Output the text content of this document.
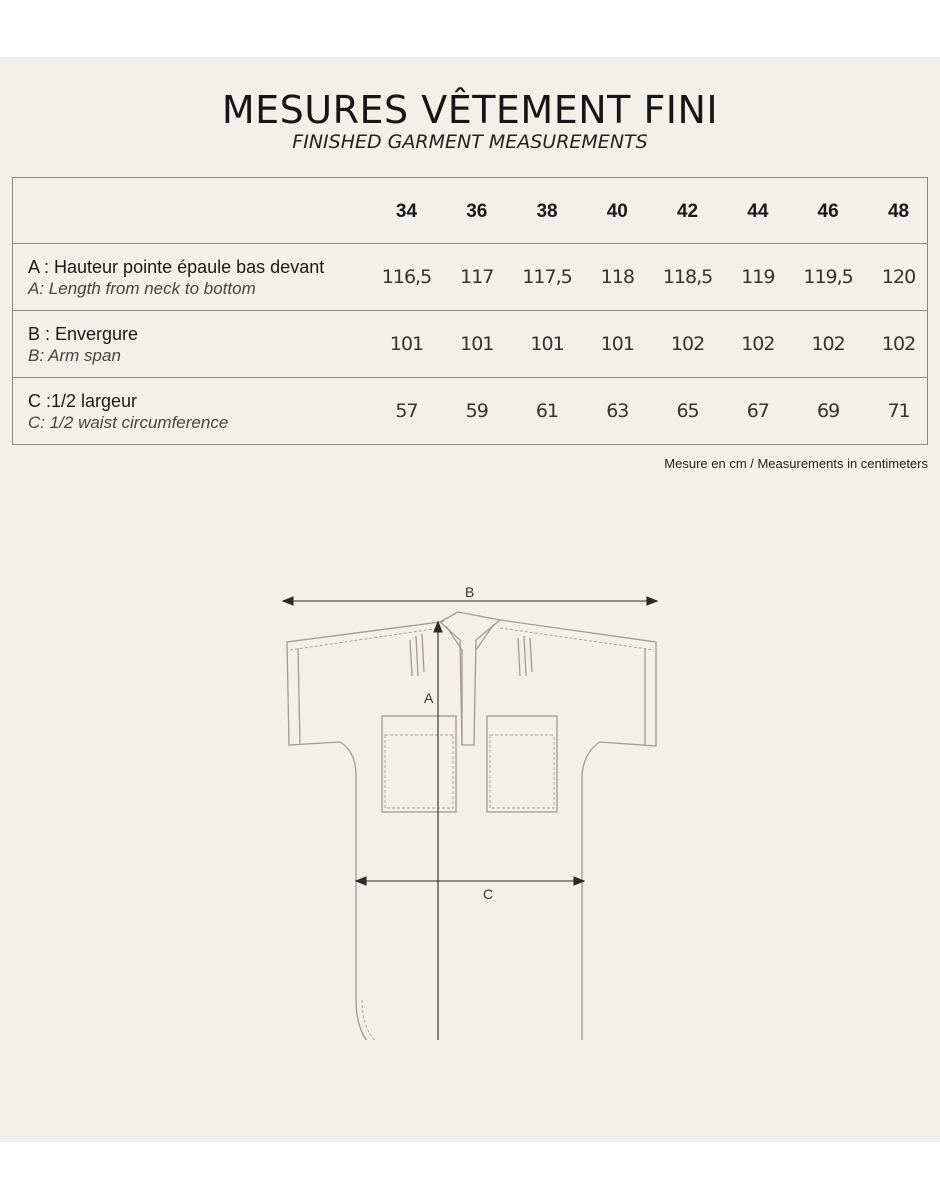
MESURES VÊTEMENT FINI
FINISHED GARMENT MEASUREMENTS
	34	36	38	40	42	44	46	48

A : Hauteur pointe épaule bas devant
A: Length from neck to bottom	116,5	117	117,5	118	118,5	119	119,5	120

B : Envergure
B: Arm span	101	101	101	101	102	102	102	102

C :1/2 largeur
C: 1/2 waist circumference	57	59	61	63	65	67	69	71
Mesure en cm / Measurements in centimeters
B
A
C
